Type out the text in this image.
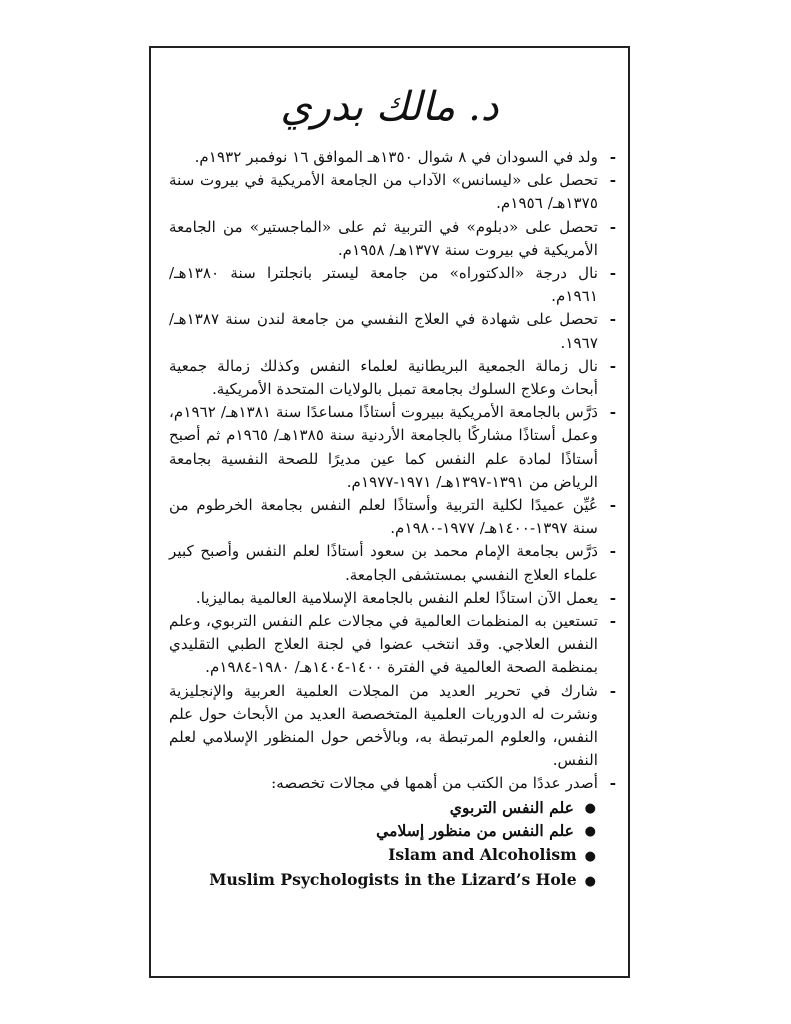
د. مالك بدري
-
ولد في السودان في ٨ شوال ١٣٥٠هـ الموافق ١٦ نوفمبر ١٩٣٢م.
-
تحصل على «ليسانس» الآداب من الجامعة الأمريكية في بيروت سنة ١٣٧٥هـ/ ١٩٥٦م.
-
تحصل على «دبلوم» في التربية ثم على «الماجستير» من الجامعة الأمريكية في بيروت سنة ١٣٧٧هـ/ ١٩٥٨م.
-
نال درجة «الدكتوراه» من جامعة ليستر بانجلترا سنة ١٣٨٠هـ/ ١٩٦١م.
-
تحصل على شهادة في العلاج النفسي من جامعة لندن سنة ١٣٨٧هـ/ ١٩٦٧.
-
نال زمالة الجمعية البريطانية لعلماء النفس وكذلك زمالة جمعية أبحاث وعلاج السلوك بجامعة تمبل بالولايات المتحدة الأمريكية.
-
دَرَّس بالجامعة الأمريكية ببيروت أستاذًا مساعدًا سنة ١٣٨١هـ/ ١٩٦٢م، وعمل أستاذًا مشاركًا بالجامعة الأردنية سنة ١٣٨٥هـ/ ١٩٦٥م ثم أصبح أستاذًا لمادة علم النفس كما عين مديرًا للصحة النفسية بجامعة الرياض من ١٣٩١-١٣٩٧هـ/ ١٩٧١-١٩٧٧م.
-
عُيِّن عميدًا لكلية التربية وأستاذًا لعلم النفس بجامعة الخرطوم من سنة ١٣٩٧-١٤٠٠هـ/ ١٩٧٧-١٩٨٠م.
-
دَرَّس بجامعة الإمام محمد بن سعود أستاذًا لعلم النفس وأصبح كبير علماء العلاج النفسي بمستشفى الجامعة.
-
يعمل الآن استاذًا لعلم النفس بالجامعة الإسلامية العالمية بماليزيا.
-
تستعين به المنظمات العالمية في مجالات علم النفس التربوي، وعلم النفس العلاجي. وقد انتخب عضوا في لجنة العلاج الطبي التقليدي بمنظمة الصحة العالمية في الفترة ١٤٠٠-١٤٠٤هـ/ ١٩٨٠-١٩٨٤م.
-
شارك في تحرير العديد من المجلات العلمية العربية والإنجليزية ونشرت له الدوريات العلمية المتخصصة العديد من الأبحاث حول علم النفس، والعلوم المرتبطة به، وبالأخص حول المنظور الإسلامي لعلم النفس.
-
أصدر عددًا من الكتب من أهمها في مجالات تخصصه:
●
علم النفس التربوي
●
علم النفس من منظور إسلامي
Islam and Alcoholism ●
Muslim Psychologists in the Lizard’s Hole ●
